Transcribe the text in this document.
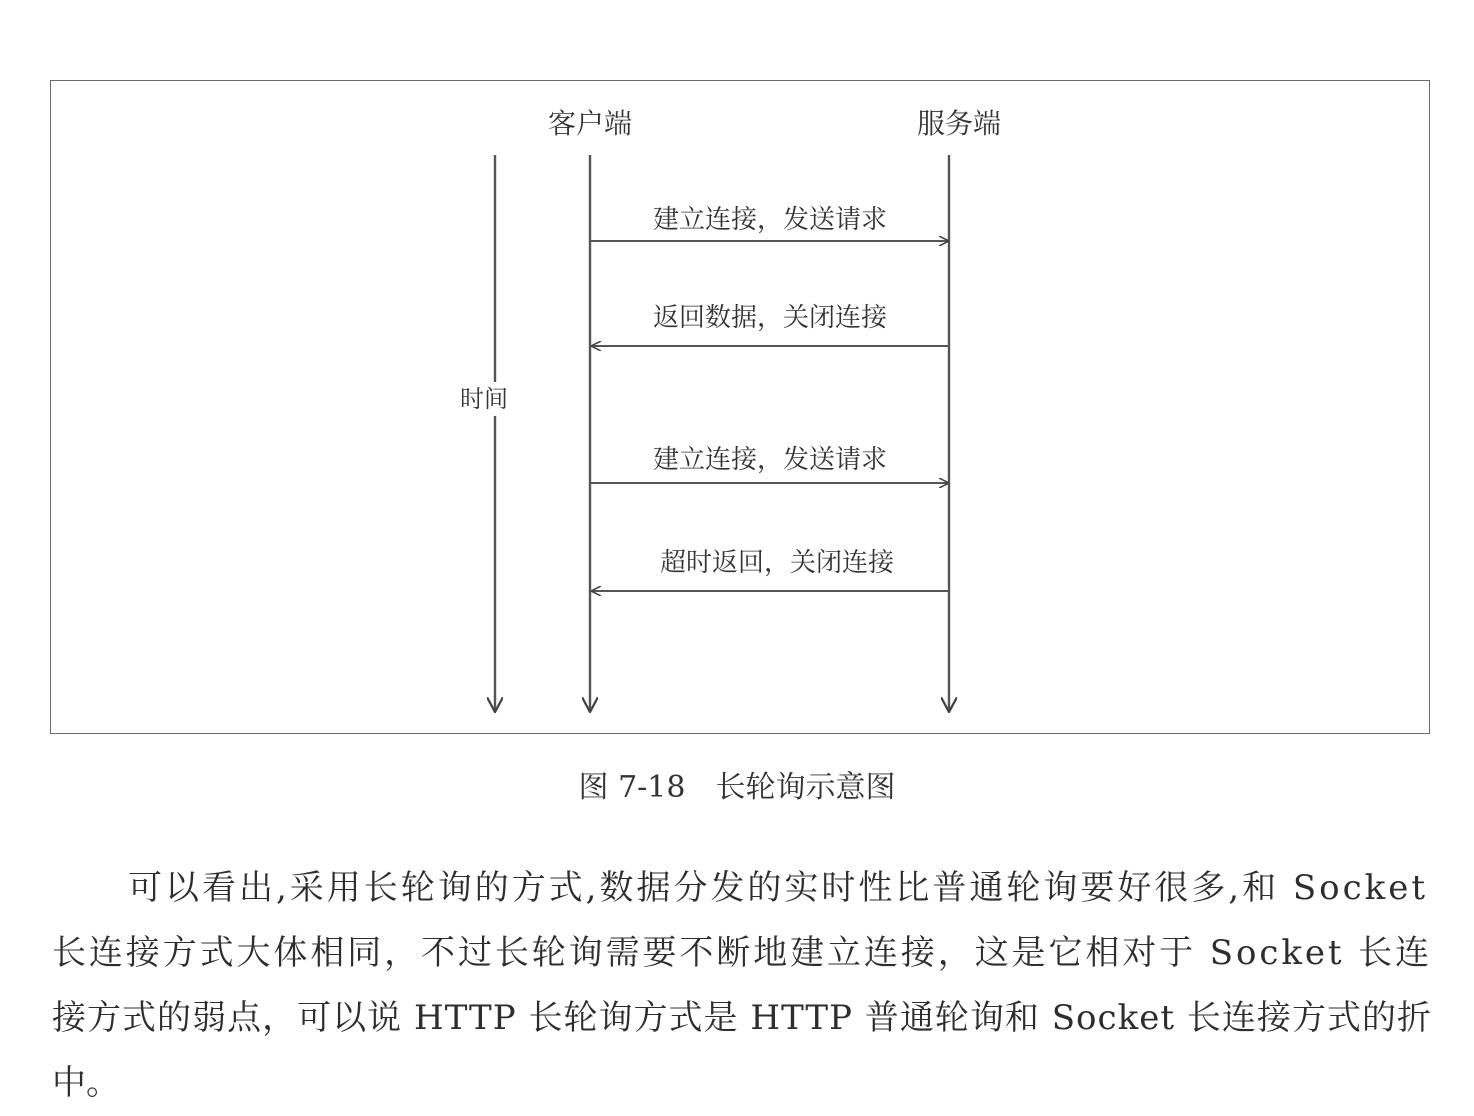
客户端	服务端
时间
建立连接，发送请求
返回数据，关闭连接
建立连接，发送请求
超时返回，关闭连接
图 7-18　长轮询示意图
可以看出,采用长轮询的方式,数据分发的实时性比普通轮询要好很多,和 Socket
长连接方式大体相同，不过长轮询需要不断地建立连接，这是它相对于 Socket 长连
接方式的弱点，可以说 HTTP 长轮询方式是 HTTP 普通轮询和 Socket 长连接方式的折
中。
